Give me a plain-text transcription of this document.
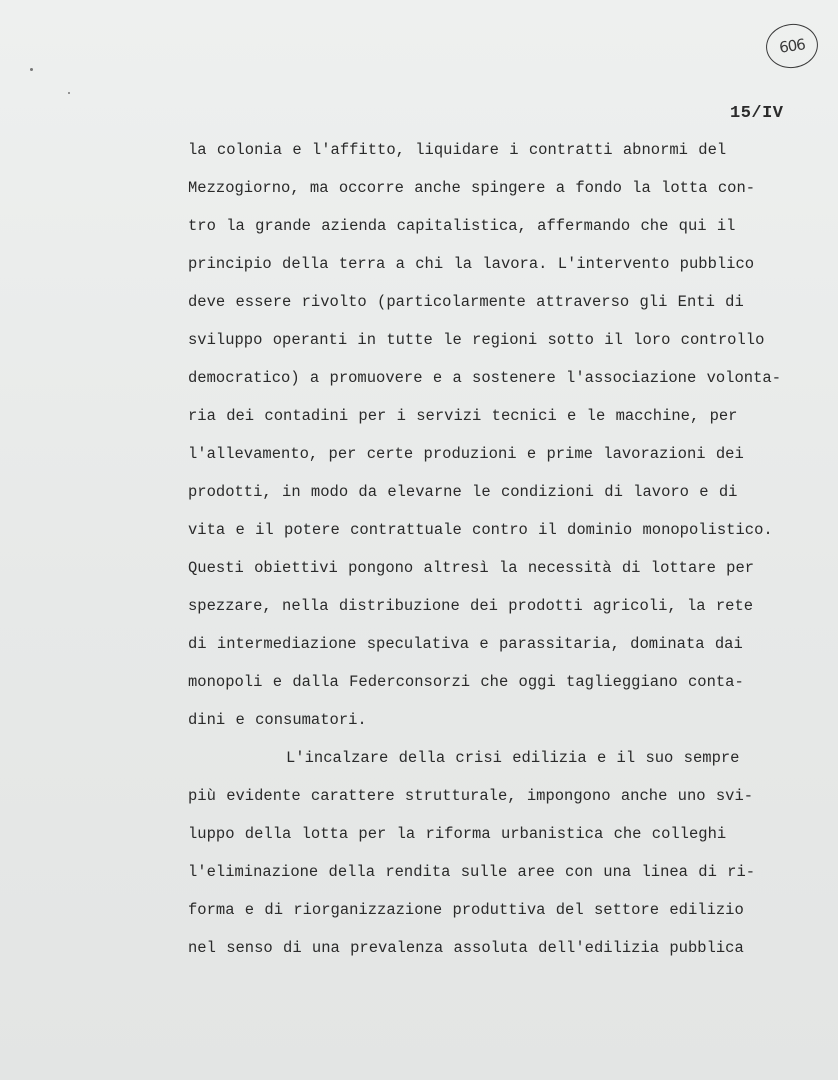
606
15/IV
la colonia e l'affitto, liquidare i contratti abnormi del
Mezzogiorno, ma occorre anche spingere a fondo la lotta con-
tro la grande azienda capitalistica, affermando che qui il
principio della terra a chi la lavora. L'intervento pubblico
deve essere rivolto (particolarmente attraverso gli Enti di
sviluppo operanti in tutte le regioni sotto il loro controllo
democratico) a promuovere e a sostenere l'associazione volonta-
ria dei contadini per i servizi tecnici e le macchine, per
l'allevamento, per certe produzioni e prime lavorazioni dei
prodotti, in modo da elevarne le condizioni di lavoro e di
vita e il potere contrattuale contro il dominio monopolistico.
Questi obiettivi pongono altresì la necessità di lottare per
spezzare, nella distribuzione dei prodotti agricoli, la rete
di intermediazione speculativa e parassitaria, dominata dai
monopoli e dalla Federconsorzi che oggi taglieggiano conta-
dini e consumatori.
L'incalzare della crisi edilizia e il suo sempre
più evidente carattere strutturale, impongono anche uno svi-
luppo della lotta per la riforma urbanistica che colleghi
l'eliminazione della rendita sulle aree con una linea di ri-
forma e di riorganizzazione produttiva del settore edilizio
nel senso di una prevalenza assoluta dell'edilizia pubblica
